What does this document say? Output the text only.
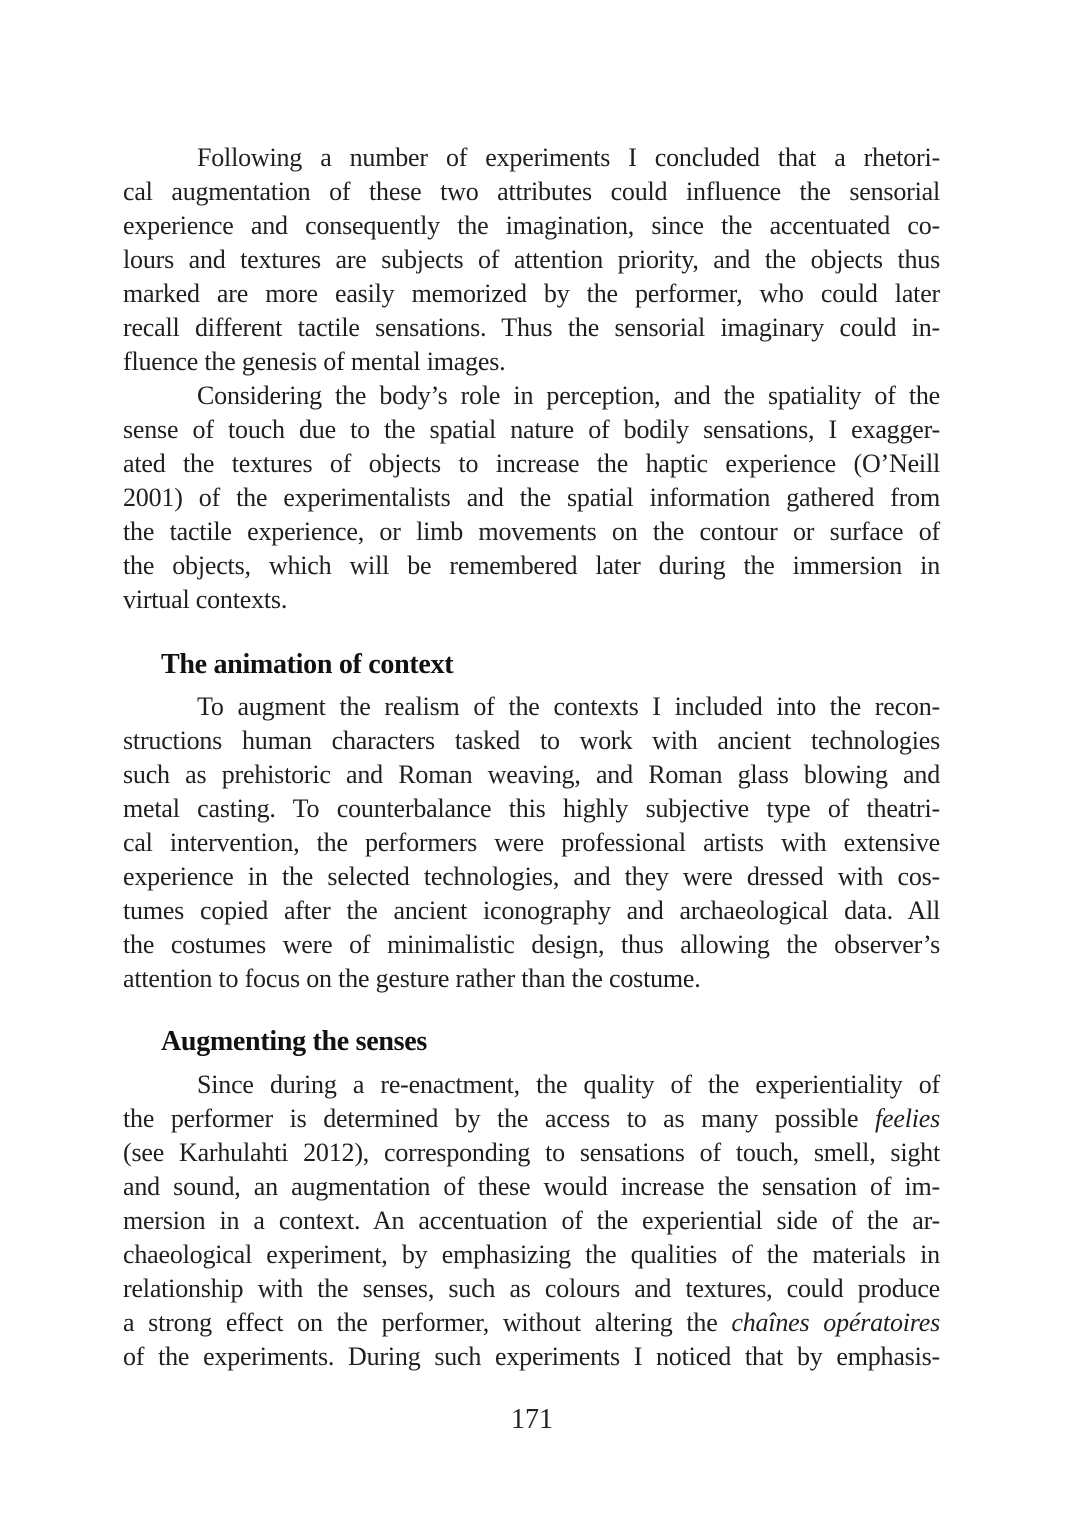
Following a number of experiments I concluded that a rhetori-
cal augmentation of these two attributes could influence the sensorial
experience and consequently the imagination, since the accentuated co-
lours and textures are subjects of attention priority, and the objects thus
marked are more easily memorized by the performer, who could later
recall different tactile sensations. Thus the sensorial imaginary could in-
fluence the genesis of mental images.
Considering the body’s role in perception, and the spatiality of the
sense of touch due to the spatial nature of bodily sensations, I exagger-
ated the textures of objects to increase the haptic experience (O’Neill
2001) of the experimentalists and the spatial information gathered from
the tactile experience, or limb movements on the contour or surface of
the objects, which will be remembered later during the immersion in
virtual contexts.
The animation of context
To augment the realism of the contexts I included into the recon-
structions human characters tasked to work with ancient technologies
such as prehistoric and Roman weaving, and Roman glass blowing and
metal casting. To counterbalance this highly subjective type of theatri-
cal intervention, the performers were professional artists with extensive
experience in the selected technologies, and they were dressed with cos-
tumes copied after the ancient iconography and archaeological data. All
the costumes were of minimalistic design, thus allowing the observer’s
attention to focus on the gesture rather than the costume.
Augmenting the senses
Since during a re-enactment, the quality of the experientiality of
the performer is determined by the access to as many possible feelies
(see Karhulahti 2012), corresponding to sensations of touch, smell, sight
and sound, an augmentation of these would increase the sensation of im-
mersion in a context. An accentuation of the experiential side of the ar-
chaeological experiment, by emphasizing the qualities of the materials in
relationship with the senses, such as colours and textures, could produce
a strong effect on the performer, without altering the chaînes opératoires
of the experiments. During such experiments I noticed that by emphasis-
171
